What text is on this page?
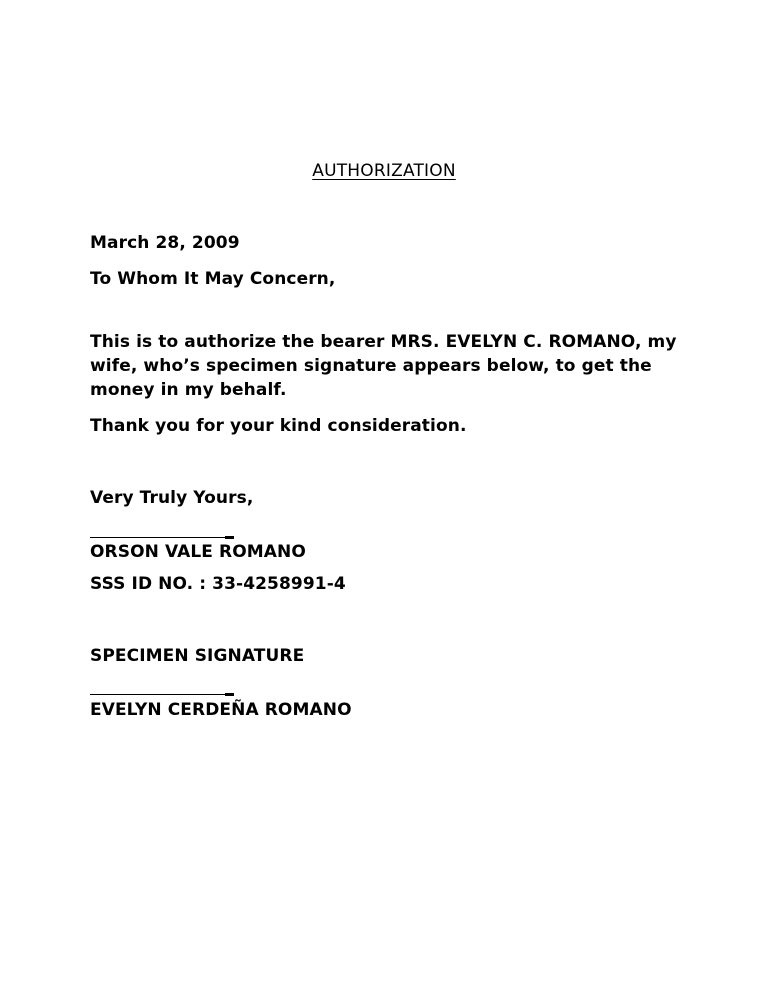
AUTHORIZATION
March 28, 2009
To Whom It May Concern,
This is to authorize the bearer MRS. EVELYN C. ROMANO, my wife, who’s specimen signature appears below, to get the money in my behalf.
Thank you for your kind consideration.
Very Truly Yours,
ORSON VALE ROMANO
SSS ID NO. : 33-4258991-4
SPECIMEN SIGNATURE
EVELYN CERDEÑA ROMANO
